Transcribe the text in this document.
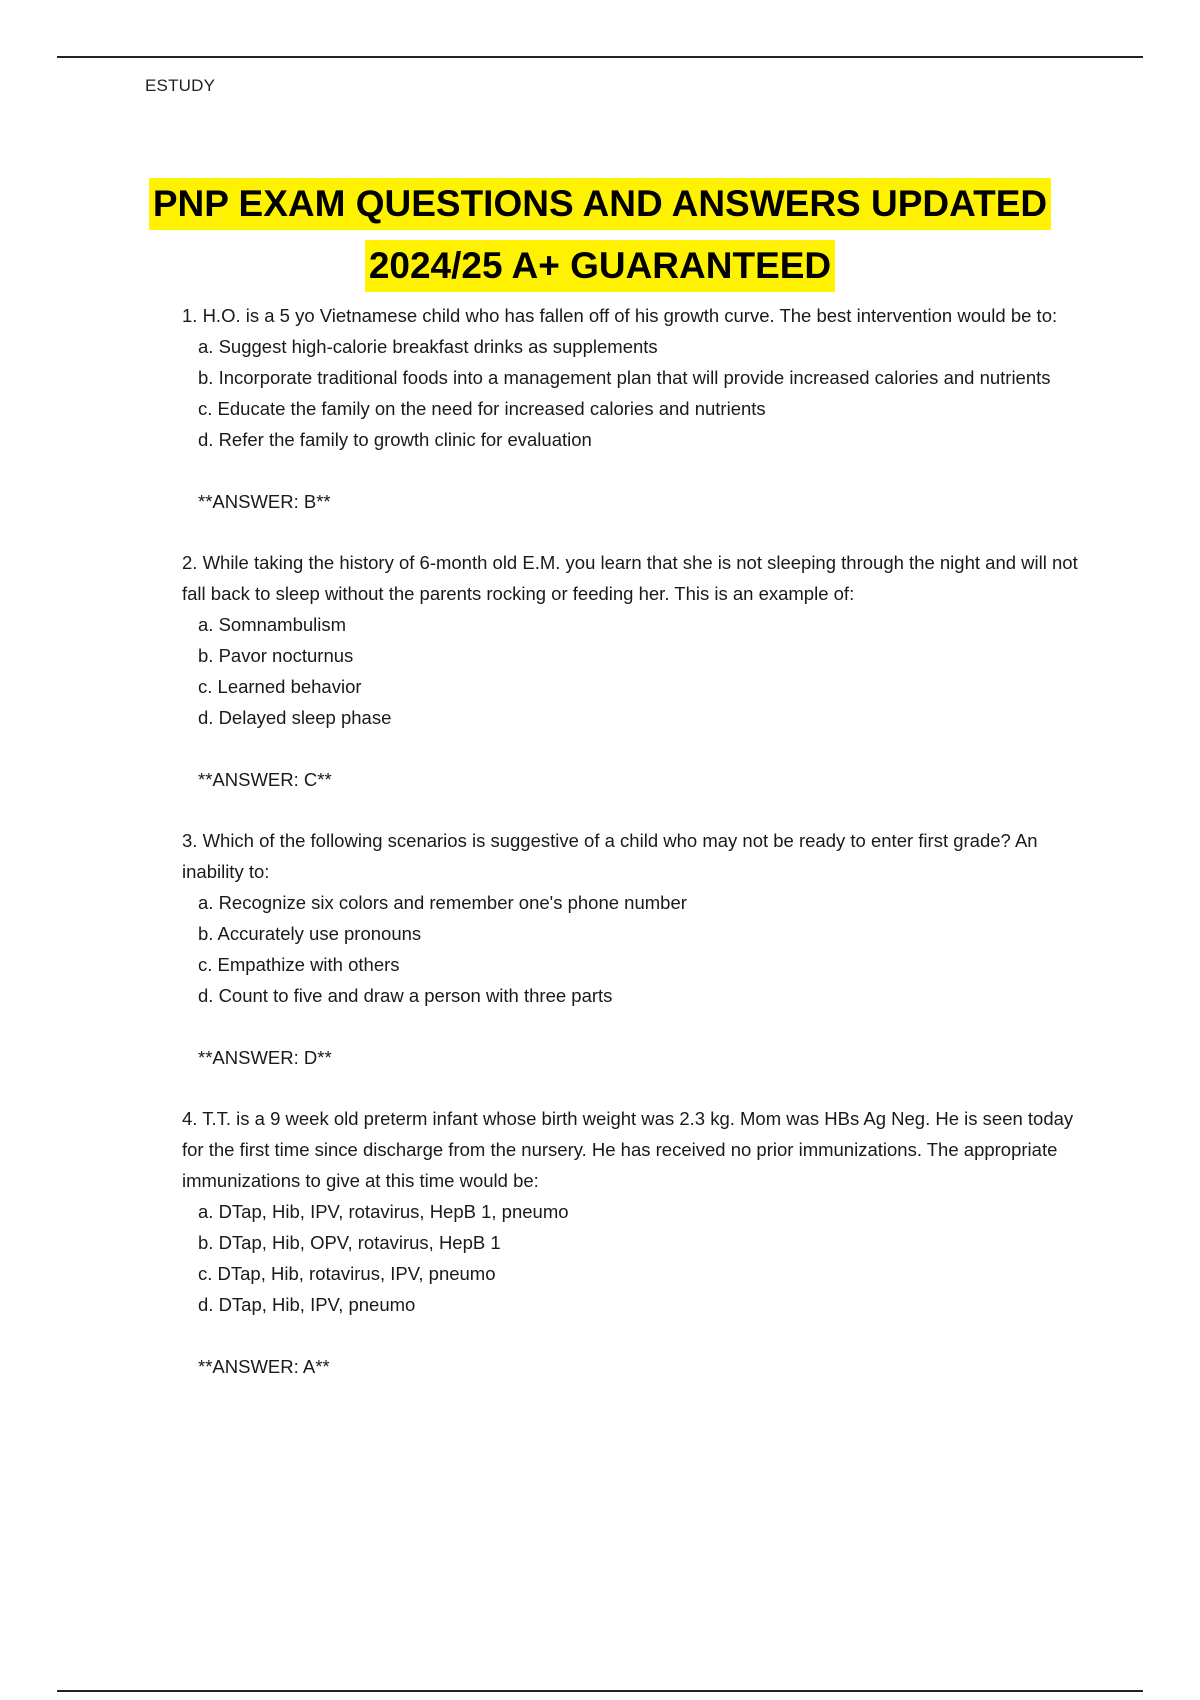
ESTUDY
PNP EXAM QUESTIONS AND ANSWERS UPDATED
2024/25 A+ GUARANTEED

1. H.O. is a 5 yo Vietnamese child who has fallen off of his growth curve. The best intervention would be to:

a. Suggest high-calorie breakfast drinks as supplements

b. Incorporate traditional foods into a management plan that will provide increased calories and nutrients

c. Educate the family on the need for increased calories and nutrients

d. Refer the family to growth clinic for evaluation

**ANSWER: B**

2. While taking the history of 6-month old E.M. you learn that she is not sleeping through the night and will not fall back to sleep without the parents rocking or feeding her. This is an example of:

a. Somnambulism

b. Pavor nocturnus

c. Learned behavior

d. Delayed sleep phase

**ANSWER: C**

3. Which of the following scenarios is suggestive of a child who may not be ready to enter first grade? An inability to:

a. Recognize six colors and remember one's phone number

b. Accurately use pronouns

c. Empathize with others

d. Count to five and draw a person with three parts

**ANSWER: D**

4. T.T. is a 9 week old preterm infant whose birth weight was 2.3 kg. Mom was HBs Ag Neg. He is seen today for the first time since discharge from the nursery. He has received no prior immunizations. The appropriate immunizations to give at this time would be:

a. DTap, Hib, IPV, rotavirus, HepB 1, pneumo

b. DTap, Hib, OPV, rotavirus, HepB 1

c. DTap, Hib, rotavirus, IPV, pneumo

d. DTap, Hib, IPV, pneumo

**ANSWER: A**
